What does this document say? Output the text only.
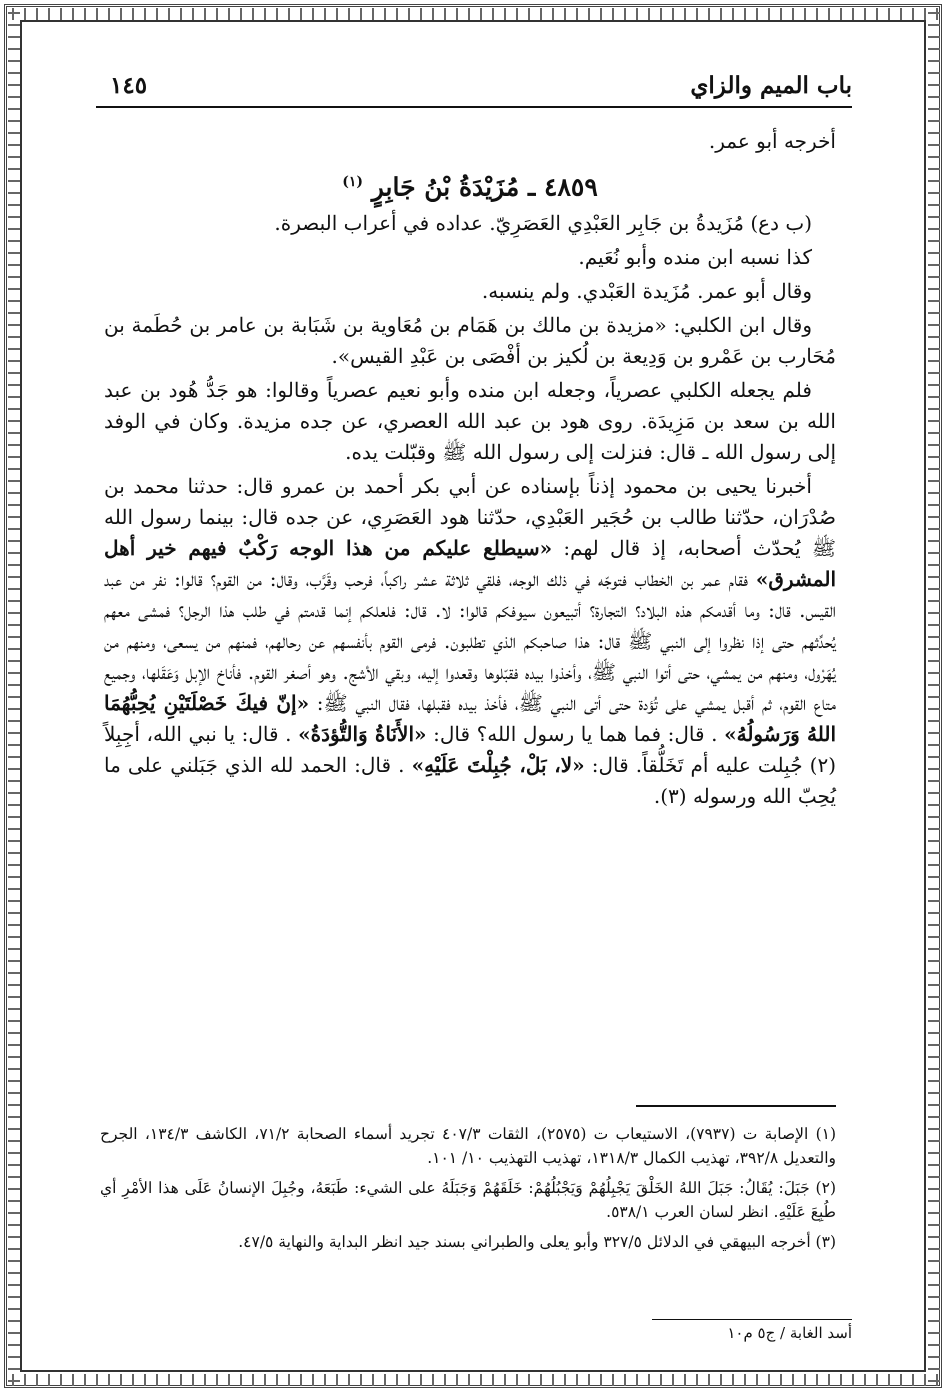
باب الميم والزاي
١٤٥

أخرجه أبو عمر.

٤٨٥٩ ـ مُزَيْدَةُ بْنُ جَابِرٍ $^{(١)}$

(ب دع) مُزَيدةُ بن جَابِر العَبْدِي العَصَرِيّ. عداده في أعراب البصرة.

كذا نسبه ابن منده وأبو نُعَيم.

وقال أبو عمر. مُزَيدة العَبْدي. ولم ينسبه.

وقال ابن الكلبي: «مزيدة بن مالك بن هَمَام بن مُعَاوية بن شَبَابة بن عامر بن حُطَمة بن مُحَارب بن عَمْرو بن وَدِيعة بن لُكيز بن أفْصَى بن عَبْدِ القيس».

فلم يجعله الكلبي عصرياً، وجعله ابن منده وأبو نعيم عصرياً وقالوا: هو جَدُّ هُود بن عبد الله بن سعد بن مَزِيدَة. روى هود بن عبد الله العصري، عن جده مزيدة. وكان في الوفد إلى رسول الله ـ قال: فنزلت إلى رسول الله ﷺ وقبّلت يده.

أخبرنا يحيى بن محمود إذناً بإسناده عن أبي بكر أحمد بن عمرو قال: حدثنا محمد بن صُدْرَان، حدّثنا طالب بن حُجَير العَبْدِي، حدّثنا هود العَصَرِي، عن جده قال: بينما رسول الله ﷺ يُحدّث أصحابه، إذ قال لهم: «سيطلع عليكم من هذا الوجه رَكْبٌ فيهم خير أهل المشرق» فقام عمر بن الخطاب فتوجّه في ذلك الوجه، فلقي ثلاثة عشر راكباً، فرحب وقَرَّب، وقال: من القوم؟ قالوا: نفر من عبد القيس. قال: وما أقدمكم هذه البلاد؟ التجارة؟ أتبيعون سيوفكم قالوا: لا. قال: فلعلكم إنما قدمتم في طلب هذا الرجل؟ فمشى معهم يُحدِّثهم حتى إذا نظروا إلى النبي ﷺ قال: هذا صاحبكم الذي تطلبون. فرمى القوم بأنفسهم عن رحالهم، فمنهم من يسعى، ومنهم من يُهَرْول، ومنهم من يمشي، حتى أتوا النبي ﷺ، وأخذوا بيده فقبّلوها وقعدوا إليه، وبقي الأشج. وهو أصغر القوم. فأناخ الإبل وَعَقَلها، وجميع متاع القوم، ثم أقبل يمشي على تُؤدة حتى أتى النبي ﷺ، فأخذ بيده فقبلها، فقال النبي ﷺ: «إنّ فيكَ خَصْلَتَيْنِ يُحِبُّهُمَا اللهُ وَرَسُولُهُ» . قال: فما هما يا رسول الله؟ قال: «الأَنَاةُ وَالتُّؤدَةُ» . قال: يا نبي الله، أجِبِلاً (٢) جُبِلت عليه أم تَخَلُّقاً. قال: «لا، بَلْ، جُبِلْتَ عَلَيْهِ» . قال: الحمد لله الذي جَبَلني على ما يُحِبّ الله ورسوله (٣).

(١) الإصابة ت (٧٩٣٧)، الاستيعاب ت (٢٥٧٥)، الثقات ٤٠٧/٣ تجريد أسماء الصحابة ٧١/٢، الكاشف ١٣٤/٣، الجرح والتعديل ٣٩٢/٨، تهذيب الكمال ١٣١٨/٣، تهذيب التهذيب ١٠/ ١٠١.

(٢) جَبَلَ: يُقَالُ: جَبَلَ اللهُ الخَلْقَ يَجْبِلُهُمْ وَيَجْبُلُهُمْ: خَلَقَهُمْ وَجَبَلَهُ على الشيء: طَبَعَهُ، وجُبِلَ الإنسانُ عَلَى هذا الأمْرِ أي طُبِعَ عَلَيْهِ. انظر لسان العرب ٥٣٨/١.

(٣) أخرجه البيهقي في الدلائل ٣٢٧/٥ وأبو يعلى والطبراني بسند جيد انظر البداية والنهاية ٤٧/٥.

أسد الغابة / ج٥ م١٠
